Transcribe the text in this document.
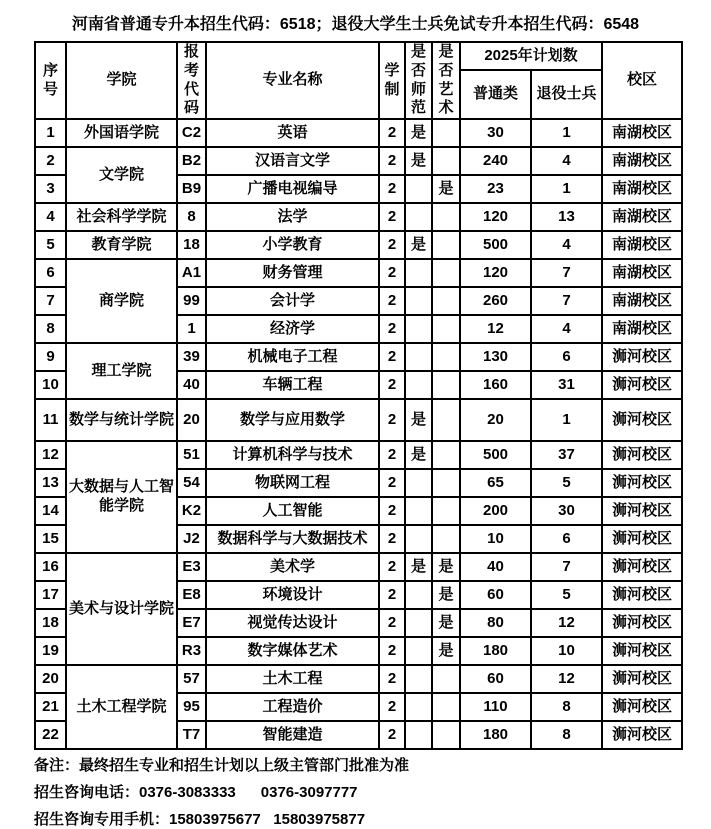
河南省普通专升本招生代码：6518；退役大学生士兵免试专升本招生代码：6548
序号	学院	报考代码	专业名称	学制	是否师范	是否艺术	2025年计划数		校区
							普通类	退役士兵	
1	外国语学院	C2	英语	2	是		30	1	南湖校区
2	文学院	B2	汉语言文学	2	是		240	4	南湖校区
3		B9	广播电视编导	2		是	23	1	南湖校区
4	社会科学学院	8	法学	2			120	13	南湖校区
5	教育学院	18	小学教育	2	是		500	4	南湖校区
6	商学院	A1	财务管理	2			120	7	南湖校区
7		99	会计学	2			260	7	南湖校区
8		1	经济学	2			12	4	南湖校区
9	理工学院	39	机械电子工程	2			130	6	浉河校区
10		40	车辆工程	2			160	31	浉河校区
11	数学与统计学院	20	数学与应用数学	2	是		20	1	浉河校区
12	大数据与人工智能学院	51	计算机科学与技术	2	是		500	37	浉河校区
13		54	物联网工程	2			65	5	浉河校区
14		K2	人工智能	2			200	30	浉河校区
15		J2	数据科学与大数据技术	2			10	6	浉河校区
16	美术与设计学院	E3	美术学	2	是	是	40	7	浉河校区
17		E8	环境设计	2		是	60	5	浉河校区
18		E7	视觉传达设计	2		是	80	12	浉河校区
19		R3	数字媒体艺术	2		是	180	10	浉河校区
20	土木工程学院	57	土木工程	2			60	12	浉河校区
21		95	工程造价	2			110	8	浉河校区
22		T7	智能建造	2			180	8	浉河校区
备注：最终招生专业和招生计划以上级主管部门批准为准
招生咨询电话：0376-3083333      0376-3097777
招生咨询专用手机：15803975677   15803975877
